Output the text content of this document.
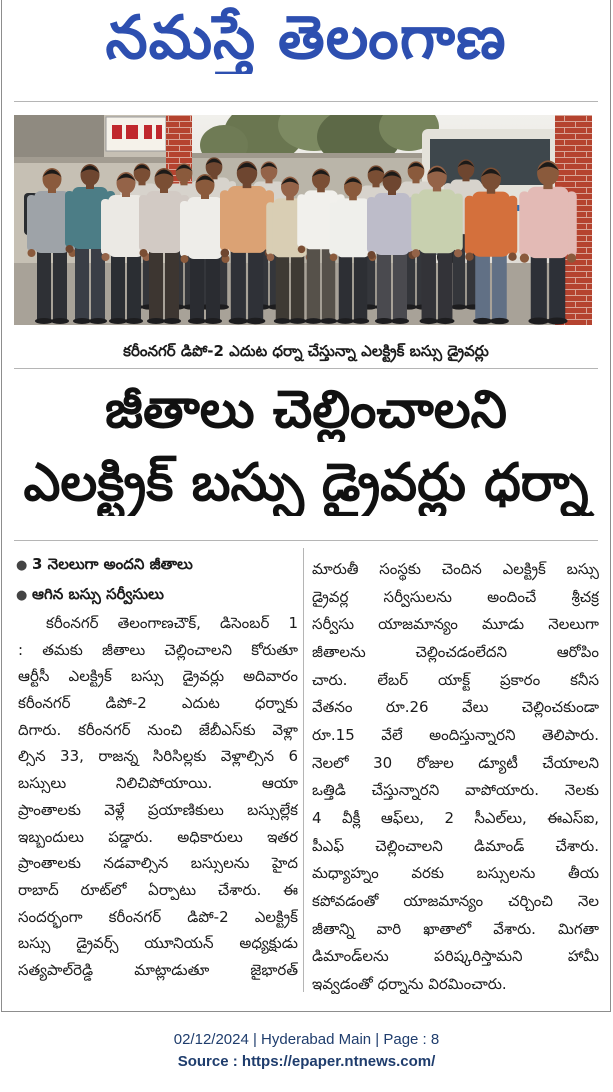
నమస్తే తెలంగాణ
కరీంనగర్ డిపో-2 ఎదుట ధర్నా చేస్తున్నా ఎలక్ట్రిక్ బస్సు డ్రైవర్లు
జీతాలు చెల్లించాలని
ఎలక్ట్రిక్ బస్సు డ్రైవర్లు ధర్నా
●3 నెలలుగా అందని జీతాలు
●ఆగిన బస్సు సర్వీసులు
కరీంనగర్ తెలంగాణచౌక్, డిసెంబర్ 1
: తమకు జీతాలు చెల్లించాలని కోరుతూ
ఆర్టీసీ ఎలక్ట్రిక్ బస్సు డ్రైవర్లు అదివారం
కరీంనగర్ డిపో-2 ఎదుట ధర్నాకు
దిగారు. కరీంనగర్ నుంచి జేబీఎస్‌కు వెళ్లా
ల్సిన 33, రాజన్న సిరిసిల్లకు వెళ్లాల్సిన 6
బస్సులు నిలిచిపోయాయి. ఆయా
ప్రాంతాలకు వెళ్లే ప్రయాణికులు బస్సుల్లేక
ఇబ్బందులు పడ్డారు. అధికారులు ఇతర
ప్రాంతాలకు నడవాల్సిన బస్సులను హైద
రాబాద్ రూట్‌లో ఏర్పాటు చేశారు. ఈ
సందర్భంగా కరీంనగర్ డిపో-2 ఎలక్ట్రిక్
బస్సు డ్రైవర్స్ యూనియన్ అధ్యక్షుడు
సత్యపాల్‌రెడ్డి మాట్లాడుతూ జైభారత్
మారుతీ సంస్థకు చెందిన ఎలక్ట్రిక్ బస్సు
డ్రైవర్ల సర్వీసులను అందించే శ్రీచక్ర
సర్వీసు యాజమాన్యం మూడు నెలలుగా
జీతాలను చెల్లించడంలేదని ఆరోపిం
చారు. లేబర్ యాక్ట్ ప్రకారం కనీస
వేతనం రూ.26 వేలు చెల్లించకుండా
రూ.15 వేలే అందిస్తున్నారని తెలిపారు.
నెలలో 30 రోజుల డ్యూటీ చేయాలని
ఒత్తిడి చేస్తున్నారని వాపోయారు. నెలకు
4 వీక్లీ ఆఫ్‌లు, 2 సీఎల్‌లు, ఈఎస్ఐ,
పీఎఫ్ చెల్లించాలని డిమాండ్ చేశారు.
మధ్యాహ్నం వరకు బస్సులను తీయ
కపోవడంతో యాజమాన్యం చర్చించి నెల
జీతాన్ని వారి ఖాతాలో వేశారు. మిగతా
డిమాండ్‌లను పరిష్కరిస్తామని హామీ
ఇవ్వడంతో ధర్నాను విరమించారు.
02/12/2024 | Hyderabad Main | Page : 8
Source : https://epaper.ntnews.com/
